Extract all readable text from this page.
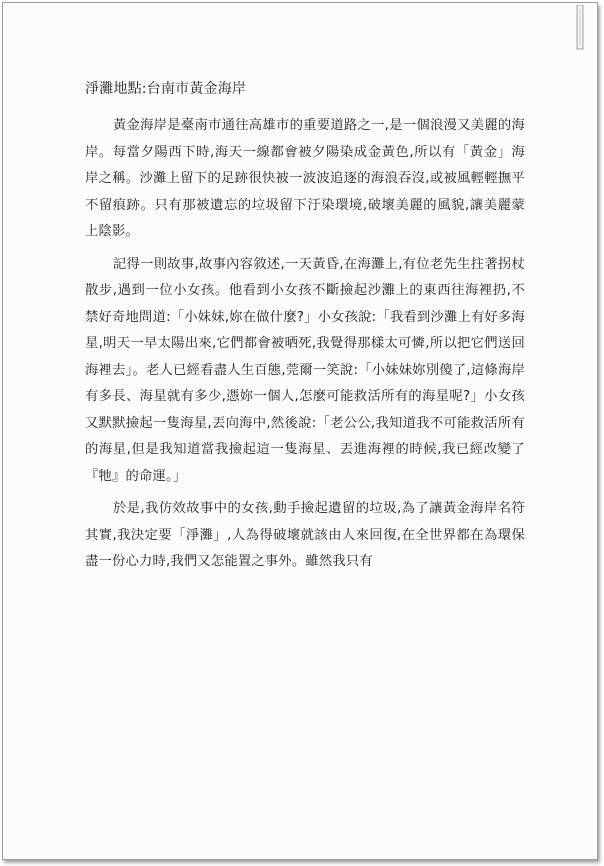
淨灘地點:台南市黃金海岸

黃金海岸是臺南市通往高雄市的重要道路之一,是一個浪漫又美麗的海岸。每當夕陽西下時,海天一線都會被夕陽染成金黃色,所以有「黃金」海岸之稱。沙灘上留下的足跡很快被一波波追逐的海浪吞沒,或被風輕輕撫平不留痕跡。只有那被遺忘的垃圾留下汙染環境,破壞美麗的風貌,讓美麗蒙上陰影。

記得一則故事,故事內容敘述,一天黃昏,在海灘上,有位老先生拄著拐杖散步,遇到一位小女孩。他看到小女孩不斷撿起沙灘上的東西往海裡扔,不禁好奇地問道:「小妹妹,妳在做什麼?」小女孩說:「我看到沙灘上有好多海星,明天一早太陽出來,它們都會被晒死,我覺得那樣太可憐,所以把它們送回海裡去」。老人已經看盡人生百態,莞爾一笑說:「小妹妹妳別傻了,這條海岸有多長、海星就有多少,憑妳一個人,怎麼可能救活所有的海星呢?」小女孩又默默撿起一隻海星,丟向海中,然後說:「老公公,我知道我不可能救活所有的海星,但是我知道當我撿起這一隻海星、丟進海裡的時候,我已經改變了『牠』的命運。」

於是,我仿效故事中的女孩,動手撿起遺留的垃圾,為了讓黃金海岸名符其實,我決定要「淨灘」,人為得破壞就該由人來回復,在全世界都在為環保盡一份心力時,我們又怎能置之事外。雖然我只有
